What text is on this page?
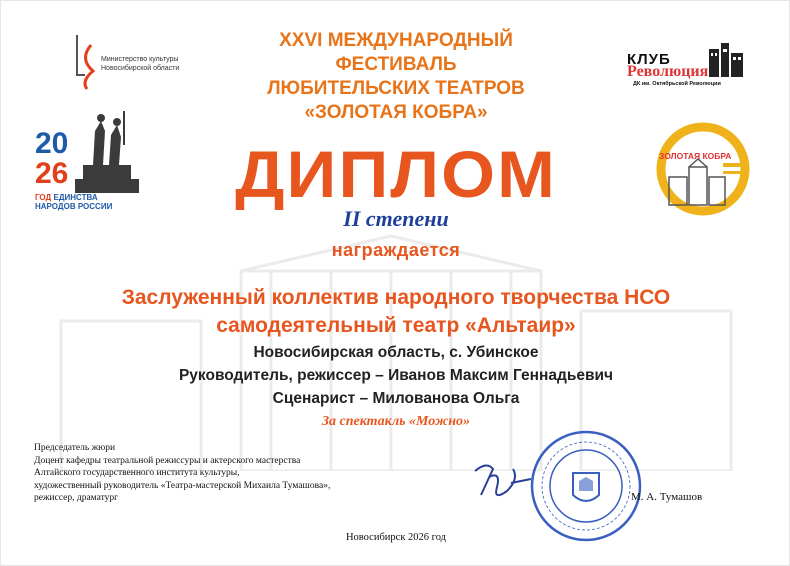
Министерство культуры
Новосибирской области
20
26
ГОД ЕДИНСТВА
НАРОДОВ РОССИИ
XXVI МЕЖДУНАРОДНЫЙ
ФЕСТИВАЛЬ
ЛЮБИТЕЛЬСКИХ ТЕАТРОВ
«ЗОЛОТАЯ КОБРА»
КЛУБ
Революция
ДК им. Октябрьской Революции
ЗОЛОТАЯ КОБРА
ДИПЛОМ
II степени
награждается
Заслуженный коллектив народного творчества НСО
самодеятельный театр «Альтаир»
Новосибирская область, с. Убинское
Руководитель, режиссер – Иванов Максим Геннадьевич
Сценарист – Милованова Ольга
За спектакль «Можно»
Председатель жюри
Доцент кафедры театральной режиссуры и актерского мастерства
Алтайского государственного института культуры,
художественный руководитель «Театра-мастерской Михаила Тумашова»,
режиссер, драматург	М. А. Тумашов
Новосибирск 2026 год
